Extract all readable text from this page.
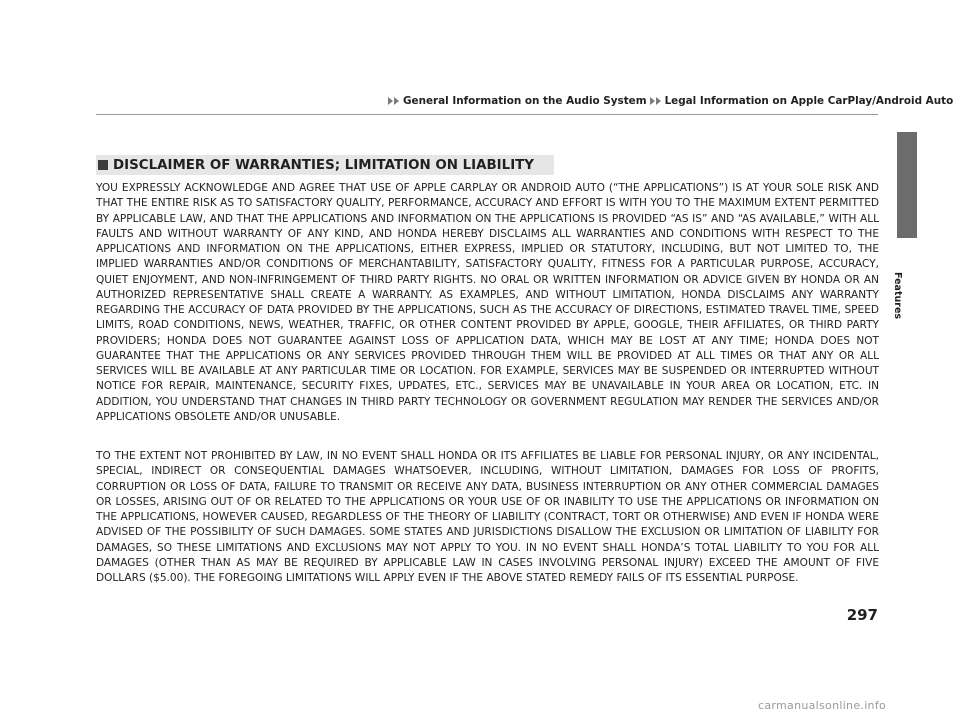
General Information on the Audio System Legal Information on Apple CarPlay/Android Auto
Features
DISCLAIMER OF WARRANTIES; LIMITATION ON LIABILITY

YOU EXPRESSLY ACKNOWLEDGE AND AGREE THAT USE OF APPLE CARPLAY OR ANDROID AUTO (“THE APPLICATIONS”) IS AT YOUR SOLE RISK AND THAT THE ENTIRE RISK AS TO SATISFACTORY QUALITY, PERFORMANCE, ACCURACY AND EFFORT IS WITH YOU TO THE MAXIMUM EXTENT PERMITTED BY APPLICABLE LAW, AND THAT THE APPLICATIONS AND INFORMATION ON THE APPLICATIONS IS PROVIDED “AS IS” AND “AS AVAILABLE,” WITH ALL FAULTS AND WITHOUT WARRANTY OF ANY KIND, AND HONDA HEREBY DISCLAIMS ALL WARRANTIES AND CONDITIONS WITH RESPECT TO THE APPLICATIONS AND INFORMATION ON THE APPLICATIONS, EITHER EXPRESS, IMPLIED OR STATUTORY, INCLUDING, BUT NOT LIMITED TO, THE IMPLIED WARRANTIES AND/OR CONDITIONS OF MERCHANTABILITY, SATISFACTORY QUALITY, FITNESS FOR A PARTICULAR PURPOSE, ACCURACY, QUIET ENJOYMENT, AND NON-INFRINGEMENT OF THIRD PARTY RIGHTS. NO ORAL OR WRITTEN INFORMATION OR ADVICE GIVEN BY HONDA OR AN AUTHORIZED REPRESENTATIVE SHALL CREATE A WARRANTY. AS EXAMPLES, AND WITHOUT LIMITATION, HONDA DISCLAIMS ANY WARRANTY REGARDING THE ACCURACY OF DATA PROVIDED BY THE APPLICATIONS, SUCH AS THE ACCURACY OF DIRECTIONS, ESTIMATED TRAVEL TIME, SPEED LIMITS, ROAD CONDITIONS, NEWS, WEATHER, TRAFFIC, OR OTHER CONTENT PROVIDED BY APPLE, GOOGLE, THEIR AFFILIATES, OR THIRD PARTY PROVIDERS; HONDA DOES NOT GUARANTEE AGAINST LOSS OF APPLICATION DATA, WHICH MAY BE LOST AT ANY TIME; HONDA DOES NOT GUARANTEE THAT THE APPLICATIONS OR ANY SERVICES PROVIDED THROUGH THEM WILL BE PROVIDED AT ALL TIMES OR THAT ANY OR ALL SERVICES WILL BE AVAILABLE AT ANY PARTICULAR TIME OR LOCATION. FOR EXAMPLE, SERVICES MAY BE SUSPENDED OR INTERRUPTED WITHOUT NOTICE FOR REPAIR, MAINTENANCE, SECURITY FIXES, UPDATES, ETC., SERVICES MAY BE UNAVAILABLE IN YOUR AREA OR LOCATION, ETC. IN ADDITION, YOU UNDERSTAND THAT CHANGES IN THIRD PARTY TECHNOLOGY OR GOVERNMENT REGULATION MAY RENDER THE SERVICES AND/OR APPLICATIONS OBSOLETE AND/OR UNUSABLE.

TO THE EXTENT NOT PROHIBITED BY LAW, IN NO EVENT SHALL HONDA OR ITS AFFILIATES BE LIABLE FOR PERSONAL INJURY, OR ANY INCIDENTAL, SPECIAL, INDIRECT OR CONSEQUENTIAL DAMAGES WHATSOEVER, INCLUDING, WITHOUT LIMITATION, DAMAGES FOR LOSS OF PROFITS, CORRUPTION OR LOSS OF DATA, FAILURE TO TRANSMIT OR RECEIVE ANY DATA, BUSINESS INTERRUPTION OR ANY OTHER COMMERCIAL DAMAGES OR LOSSES, ARISING OUT OF OR RELATED TO THE APPLICATIONS OR YOUR USE OF OR INABILITY TO USE THE APPLICATIONS OR INFORMATION ON THE APPLICATIONS, HOWEVER CAUSED, REGARDLESS OF THE THEORY OF LIABILITY (CONTRACT, TORT OR OTHERWISE) AND EVEN IF HONDA WERE ADVISED OF THE POSSIBILITY OF SUCH DAMAGES. SOME STATES AND JURISDICTIONS DISALLOW THE EXCLUSION OR LIMITATION OF LIABILITY FOR DAMAGES, SO THESE LIMITATIONS AND EXCLUSIONS MAY NOT APPLY TO YOU. IN NO EVENT SHALL HONDA’S TOTAL LIABILITY TO YOU FOR ALL DAMAGES (OTHER THAN AS MAY BE REQUIRED BY APPLICABLE LAW IN CASES INVOLVING PERSONAL INJURY) EXCEED THE AMOUNT OF FIVE DOLLARS ($5.00). THE FOREGOING LIMITATIONS WILL APPLY EVEN IF THE ABOVE STATED REMEDY FAILS OF ITS ESSENTIAL PURPOSE.

297
carmanualsonline.info
